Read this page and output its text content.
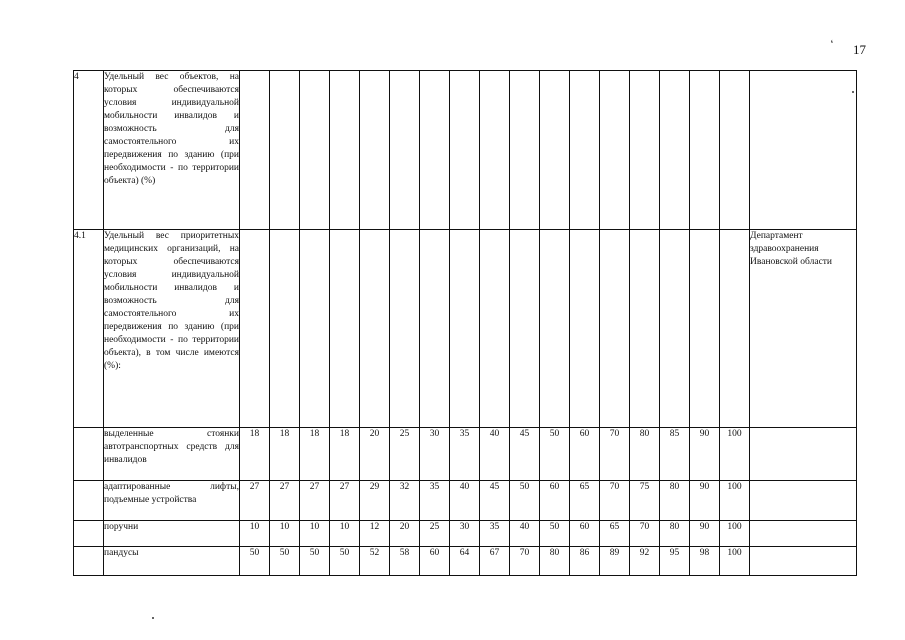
17
‘
4	Удельный вес объектов, на которых обеспечиваются условия индивидуальной мобильности инвалидов и возможность для самостоятельного их передвижения по зданию (при необходимости - по территории объекта) (%)																		
4.1	Удельный вес приоритетных медицинских организаций, на которых обеспечиваются условия индивидуальной мобильности инвалидов и возможность для самостоятельного их передвижения по зданию (при необходимости - по территории объекта), в том числе имеются (%):																		Департамент здравоохранения Ивановской области
	выделенные стоянки автотранспортных средств для инвалидов	18	18	18	18	20	25	30	35	40	45	50	60	70	80	85	90	100	
	адаптированные лифты, подъемные устройства	27	27	27	27	29	32	35	40	45	50	60	65	70	75	80	90	100	
	поручни	10	10	10	10	12	20	25	30	35	40	50	60	65	70	80	90	100	
	пандусы	50	50	50	50	52	58	60	64	67	70	80	86	89	92	95	98	100	
